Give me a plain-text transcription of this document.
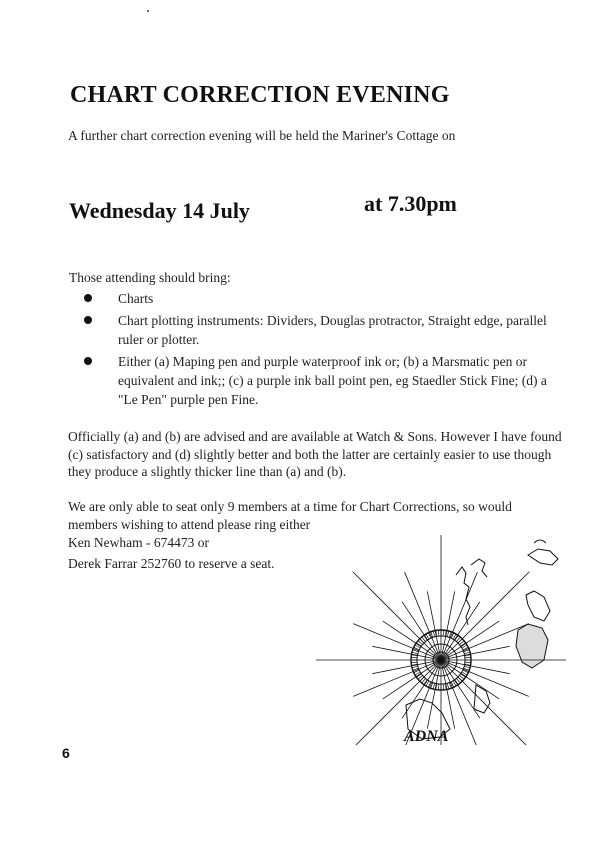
CHART CORRECTION EVENING
A further chart correction evening will be held the Mariner's Cottage on
Wednesday 14 July	at 7.30pm
Those attending should bring:
Charts
Chart plotting instruments: Dividers, Douglas protractor, Straight edge, parallel ruler or plotter.
Either (a) Maping pen and purple waterproof ink or; (b) a Marsmatic pen or equivalent and ink;; (c) a purple ink ball point pen, eg Staedler Stick Fine; (d) a "Le Pen" purple pen Fine.
Officially (a) and (b) are advised and are available at Watch & Sons. However I have found (c) satisfactory and (d) slightly better and both the latter are certainly easier to use though they produce a slightly thicker line than (a) and (b).
We are only able to seat only 9 members at a time for Chart Corrections, so would members wishing to attend please ring either
Ken Newham - 674473 or
Derek Farrar 252760 to reserve a seat.
ADNA
6
